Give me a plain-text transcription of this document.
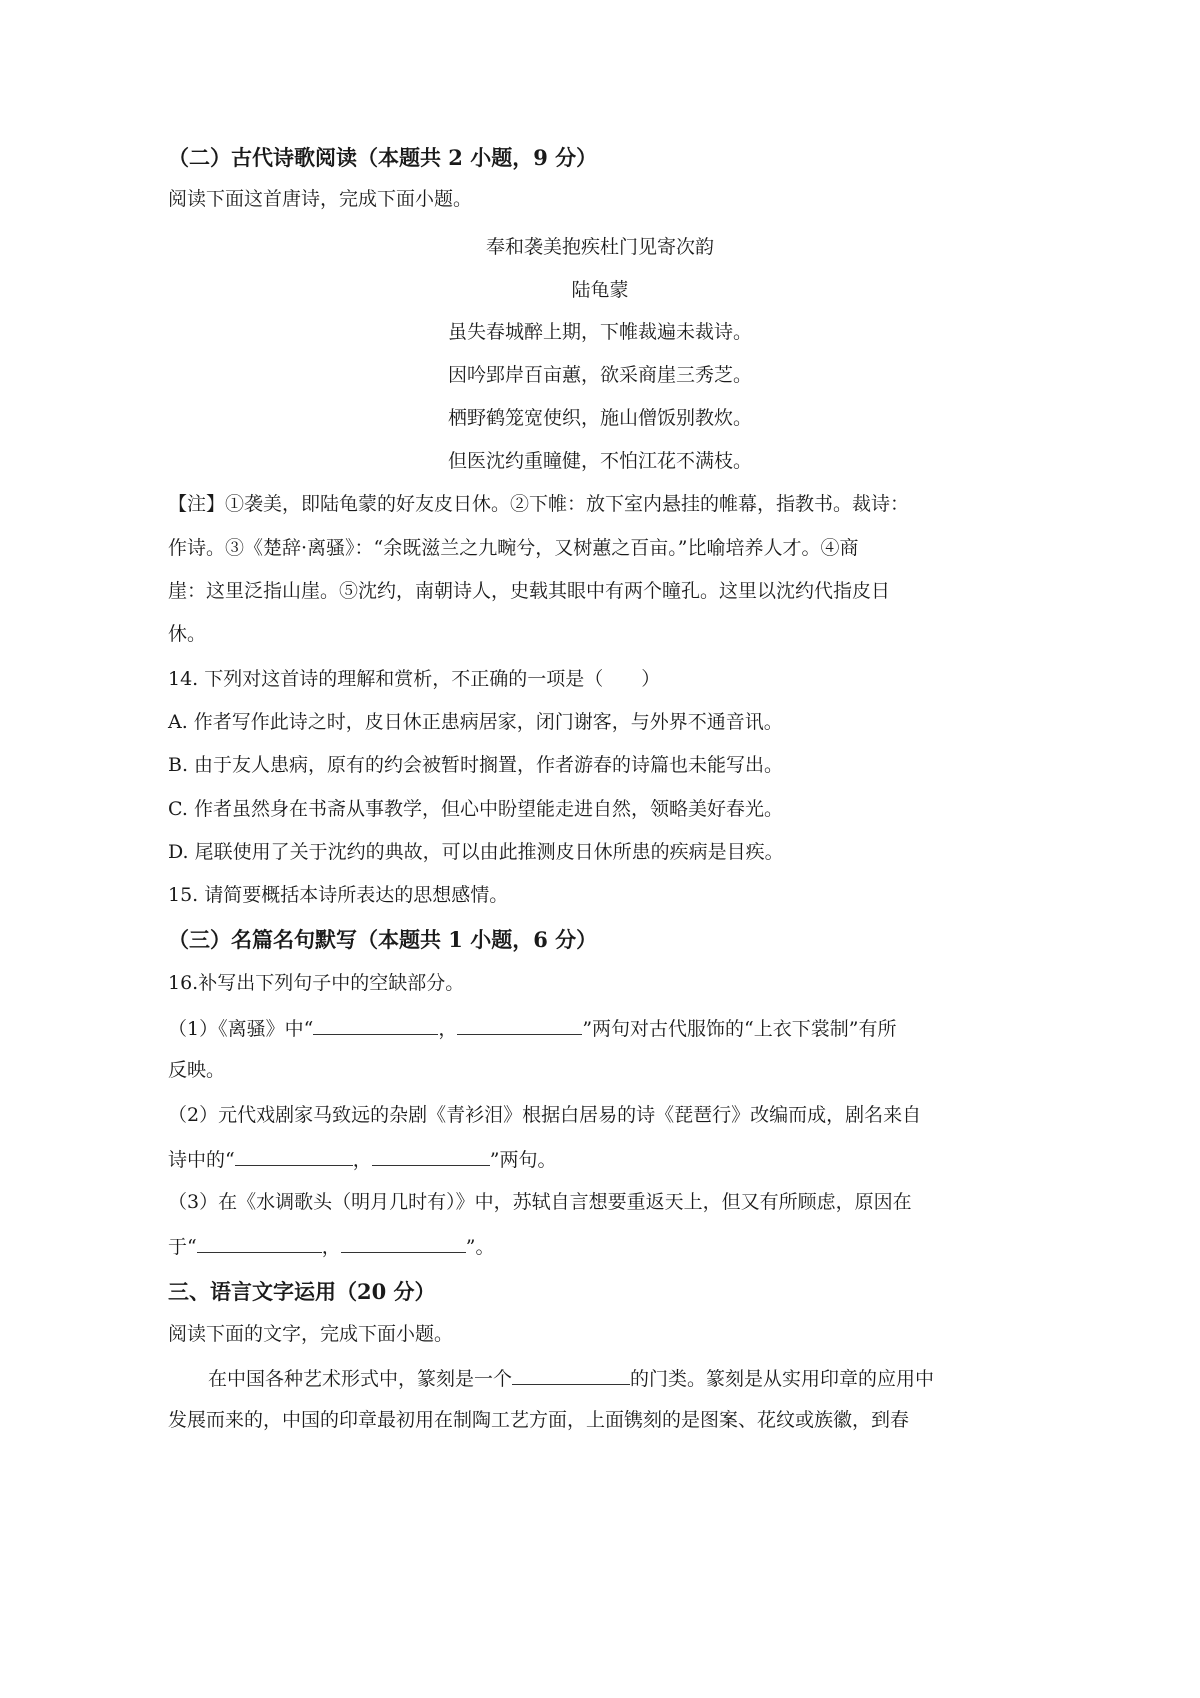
（二）古代诗歌阅读（本题共 2 小题，9 分）
阅读下面这首唐诗，完成下面小题。
奉和袭美抱疾杜门见寄次韵
陆龟蒙
虽失春城醉上期，下帷裁遍未裁诗。
因吟郢岸百亩蕙，欲采商崖三秀芝。
栖野鹤笼宽使织，施山僧饭别教炊。
但医沈约重瞳健，不怕江花不满枝。
【注】①袭美，即陆龟蒙的好友皮日休。②下帷：放下室内悬挂的帷幕，指教书。裁诗：
作诗。③《楚辞·离骚》：“余既滋兰之九畹兮，又树蕙之百亩。”比喻培养人才。④商
崖：这里泛指山崖。⑤沈约，南朝诗人，史载其眼中有两个瞳孔。这里以沈约代指皮日
休。
14. 下列对这首诗的理解和赏析，不正确的一项是（　　）
A. 作者写作此诗之时，皮日休正患病居家，闭门谢客，与外界不通音讯。
B. 由于友人患病，原有的约会被暂时搁置，作者游春的诗篇也未能写出。
C. 作者虽然身在书斋从事教学，但心中盼望能走进自然，领略美好春光。
D. 尾联使用了关于沈约的典故，可以由此推测皮日休所患的疾病是目疾。
15. 请简要概括本诗所表达的思想感情。
（三）名篇名句默写（本题共 1 小题，6 分）
16.补写出下列句子中的空缺部分。
（1）《离骚》中“	，	”两句对古代服饰的“上衣下裳制”有所
反映。
（2）元代戏剧家马致远的杂剧《青衫泪》根据白居易的诗《琵琶行》改编而成，剧名来自
诗中的“	，	”两句。
（3）在《水调歌头（明月几时有）》中，苏轼自言想要重返天上，但又有所顾虑，原因在
于“	，	”。
三、语言文字运用（20 分）
阅读下面的文字，完成下面小题。
在中国各种艺术形式中，篆刻是一个	的门类。篆刻是从实用印章的应用中
发展而来的，中国的印章最初用在制陶工艺方面，上面镌刻的是图案、花纹或族徽，到春
